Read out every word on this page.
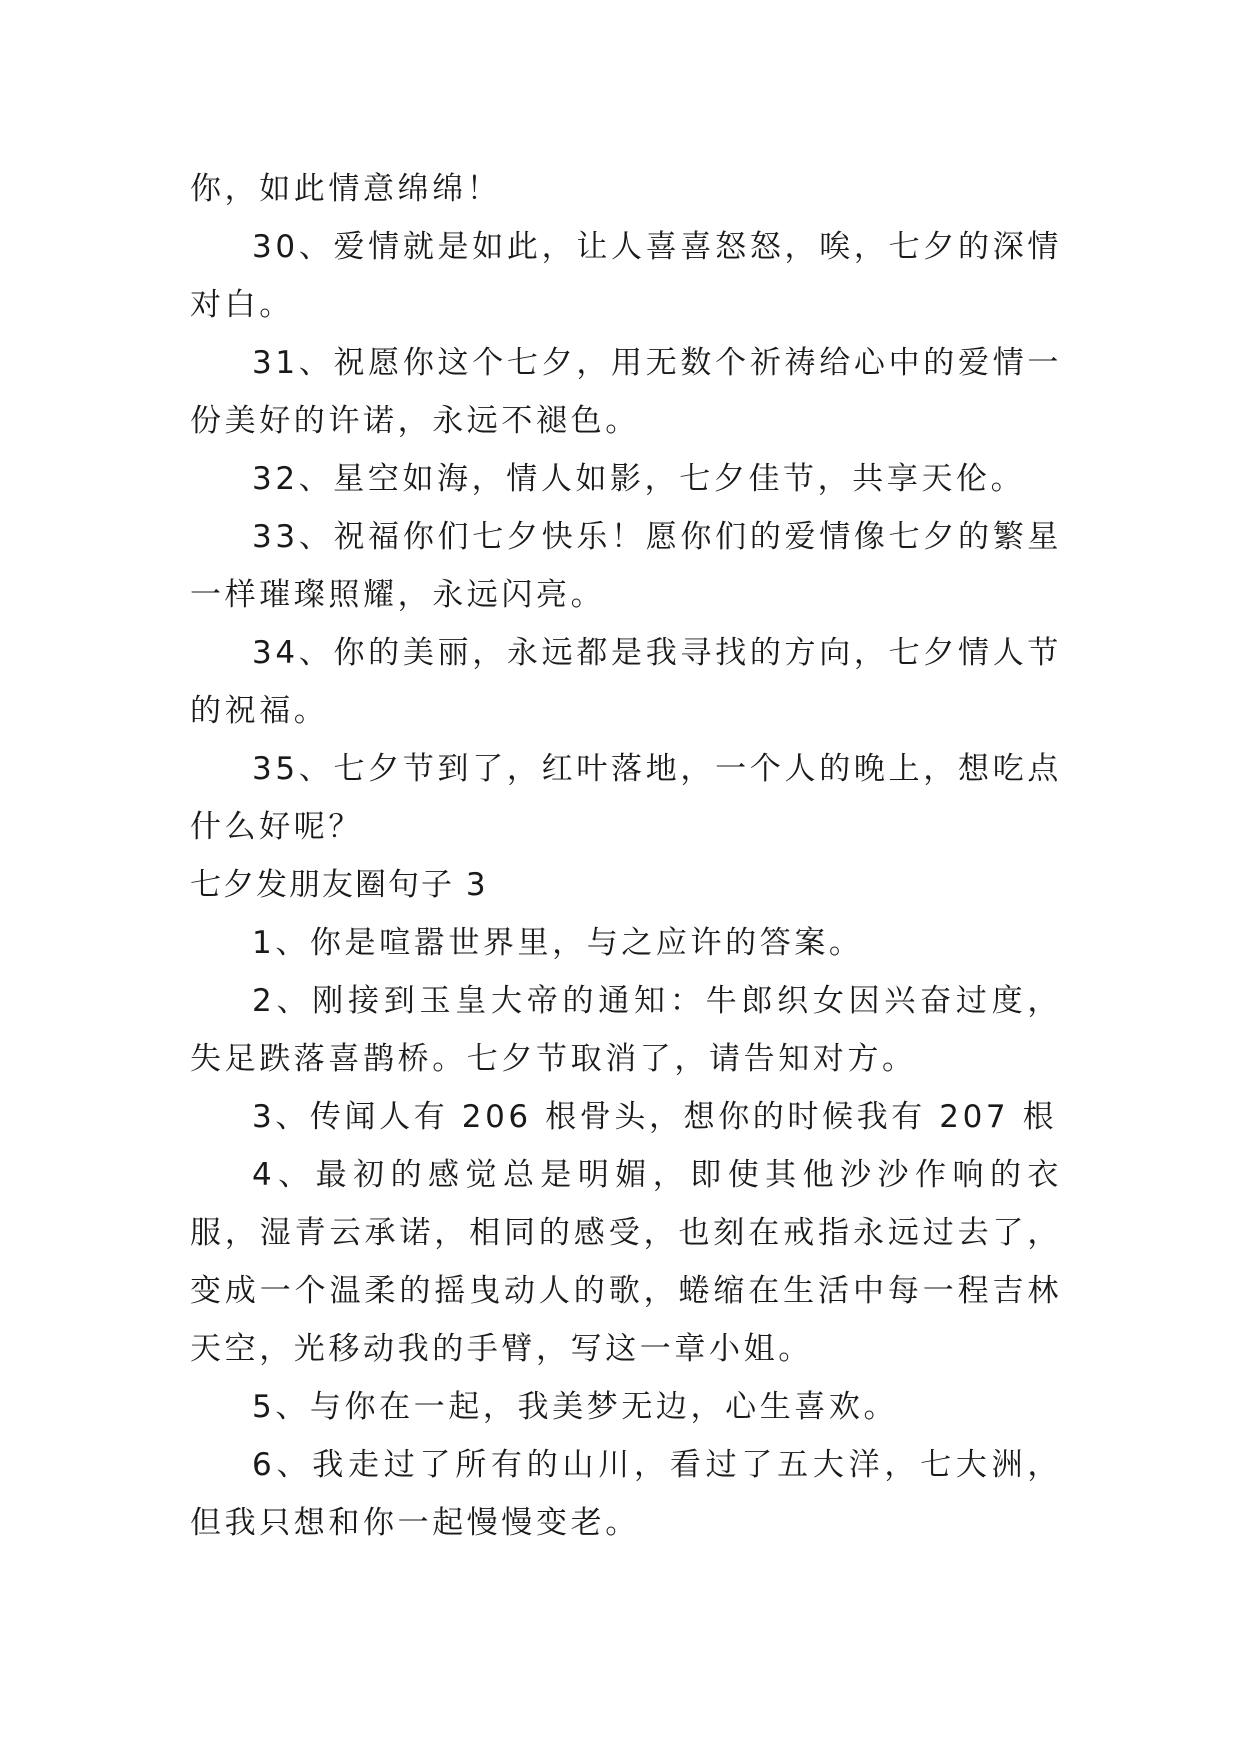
你，如此情意绵绵！

30、爱情就是如此，让人喜喜怒怒，唉，七夕的深情对白。

31、祝愿你这个七夕，用无数个祈祷给心中的爱情一份美好的许诺，永远不褪色。

32、星空如海，情人如影，七夕佳节，共享天伦。

33、祝福你们七夕快乐！愿你们的爱情像七夕的繁星一样璀璨照耀，永远闪亮。

34、你的美丽，永远都是我寻找的方向，七夕情人节的祝福。

35、七夕节到了，红叶落地，一个人的晚上，想吃点什么好呢？

七夕发朋友圈句子 3

1、你是喧嚣世界里，与之应许的答案。

2、刚接到玉皇大帝的通知：牛郎织女因兴奋过度，失足跌落喜鹊桥。七夕节取消了，请告知对方。

3、传闻人有 206 根骨头，想你的时候我有 207 根

4、最初的感觉总是明媚，即使其他沙沙作响的衣服，湿青云承诺，相同的感受，也刻在戒指永远过去了，变成一个温柔的摇曳动人的歌，蜷缩在生活中每一程吉林天空，光移动我的手臂，写这一章小姐。

5、与你在一起，我美梦无边，心生喜欢。

6、我走过了所有的山川，看过了五大洋，七大洲，但我只想和你一起慢慢变老。
